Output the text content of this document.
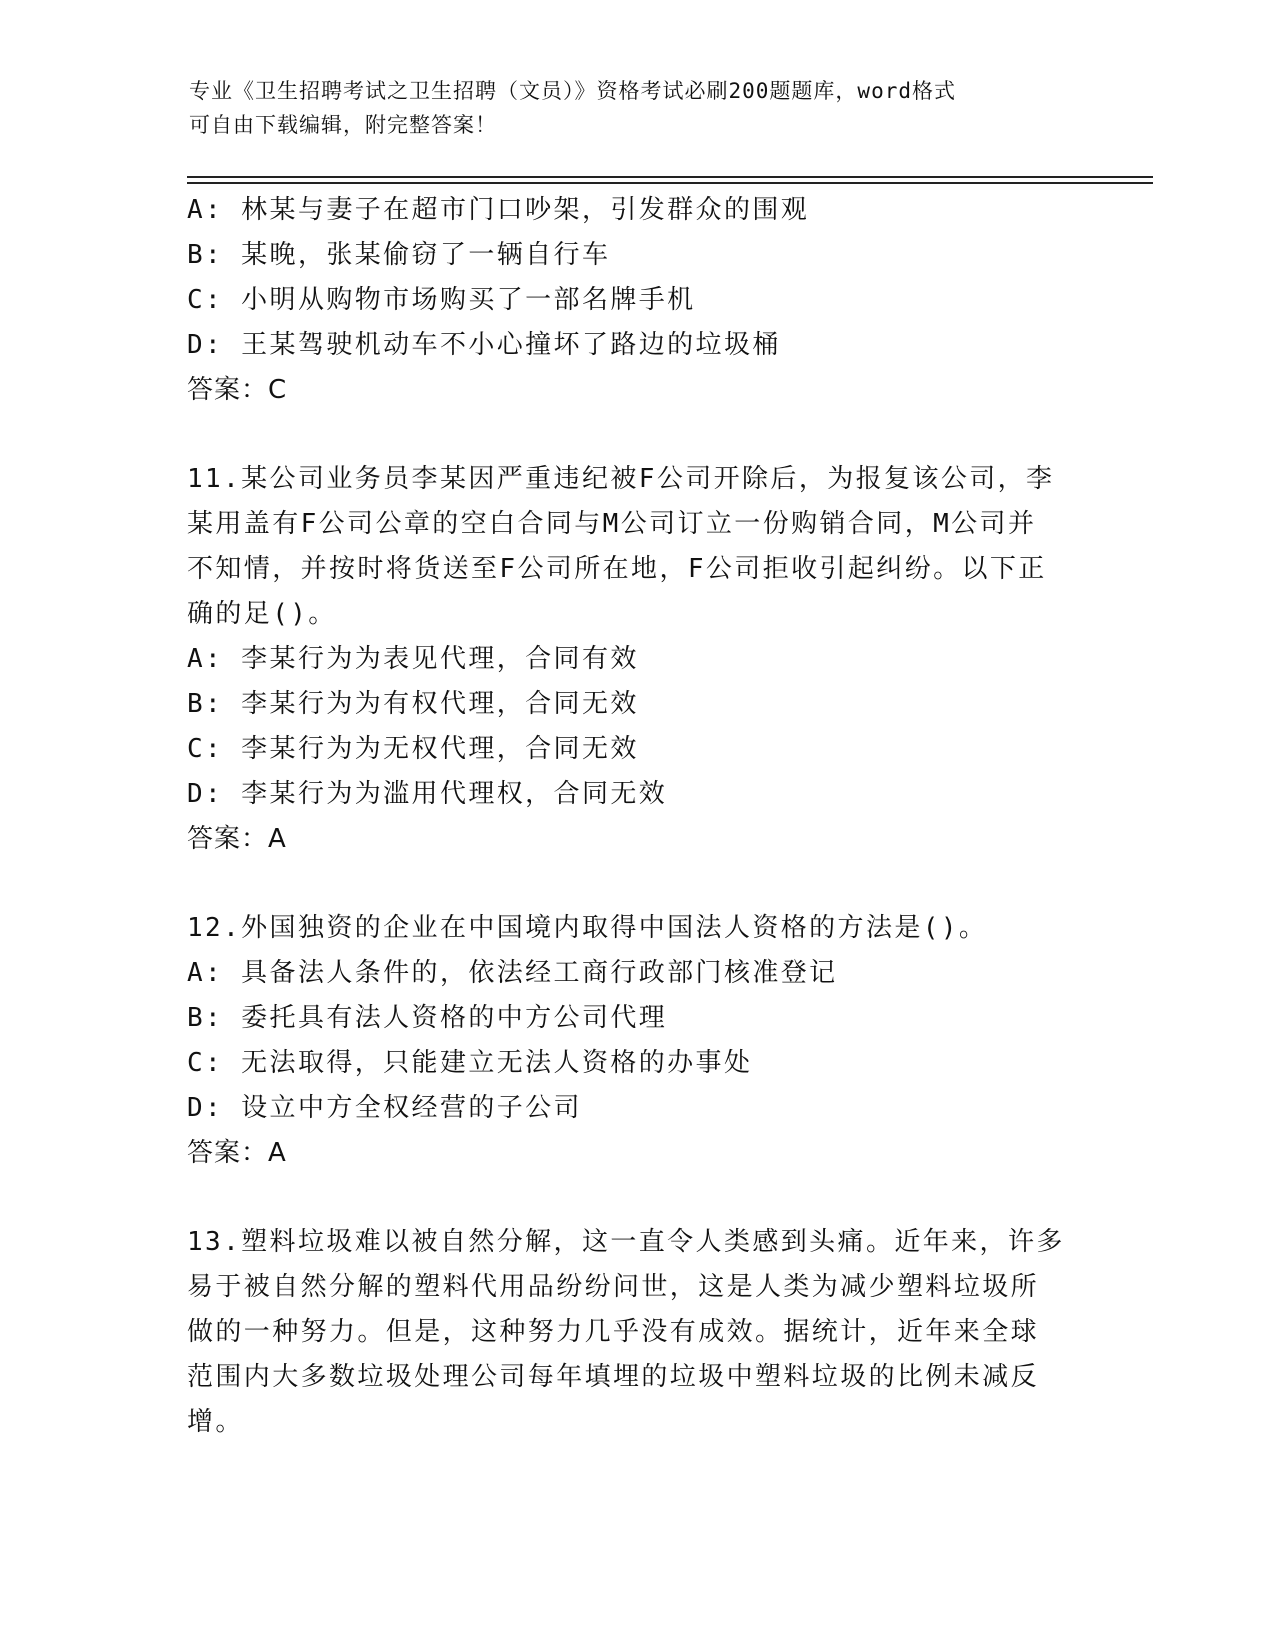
专业《卫生招聘考试之卫生招聘（文员）》资格考试必刷200题题库，word格式
可自由下载编辑，附完整答案！
A: 林某与妻子在超市门口吵架，引发群众的围观
B: 某晚，张某偷窃了一辆自行车
C: 小明从购物市场购买了一部名牌手机
D: 王某驾驶机动车不小心撞坏了路边的垃圾桶
答案：C
11.某公司业务员李某因严重违纪被F公司开除后，为报复该公司，李
某用盖有F公司公章的空白合同与M公司订立一份购销合同，M公司并
不知情，并按时将货送至F公司所在地，F公司拒收引起纠纷。以下正
确的足()。
A: 李某行为为表见代理，合同有效
B: 李某行为为有权代理，合同无效
C: 李某行为为无权代理，合同无效
D: 李某行为为滥用代理权，合同无效
答案：A
12.外国独资的企业在中国境内取得中国法人资格的方法是()。
A: 具备法人条件的，依法经工商行政部门核准登记
B: 委托具有法人资格的中方公司代理
C: 无法取得，只能建立无法人资格的办事处
D: 设立中方全权经营的子公司
答案：A
13.塑料垃圾难以被自然分解，这一直令人类感到头痛。近年来，许多
易于被自然分解的塑料代用品纷纷问世，这是人类为减少塑料垃圾所
做的一种努力。但是，这种努力几乎没有成效。据统计，近年来全球
范围内大多数垃圾处理公司每年填埋的垃圾中塑料垃圾的比例未减反
增。
